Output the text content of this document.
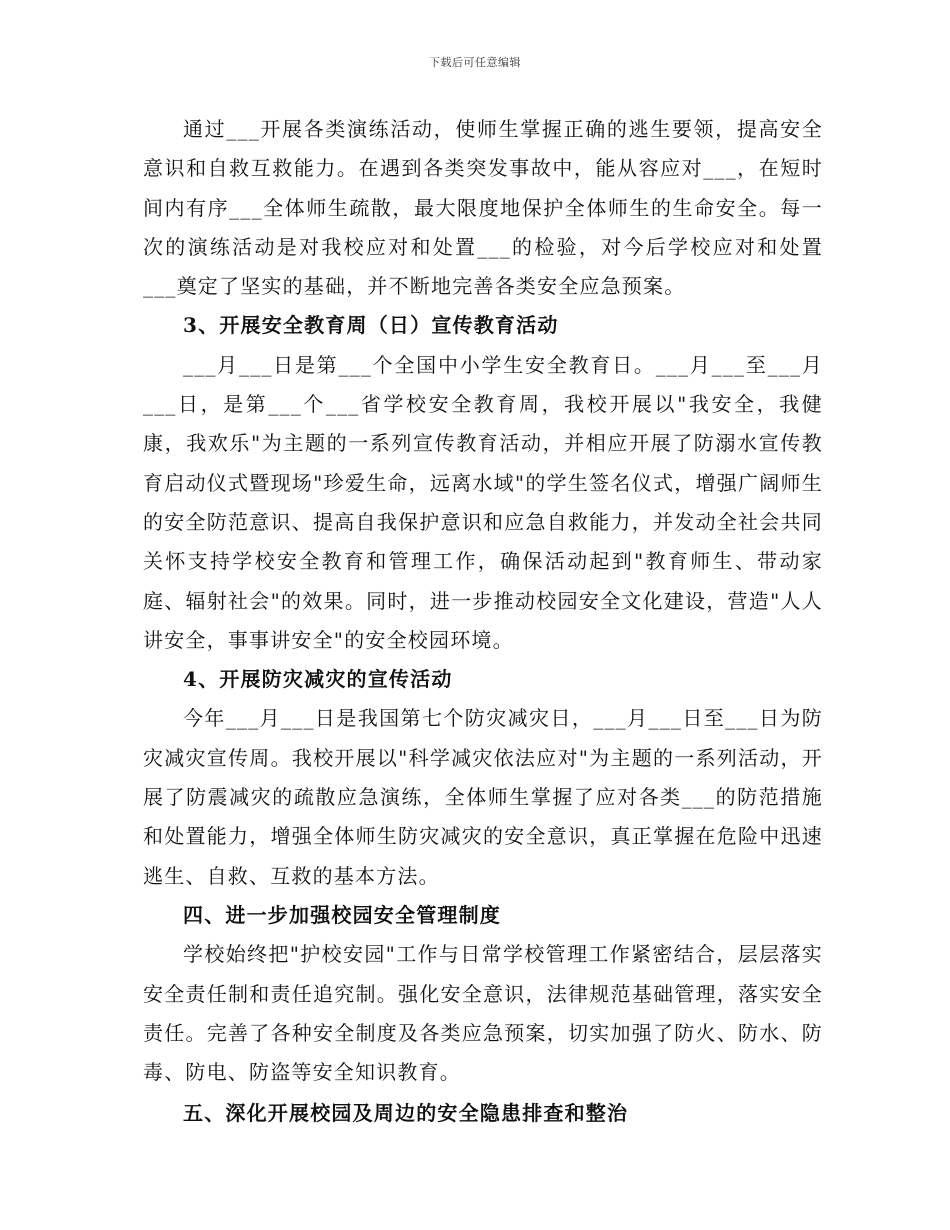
下载后可任意编辑

通过___开展各类演练活动，使师生掌握正确的逃生要领，提高安全意识和自救互救能力。在遇到各类突发事故中，能从容应对___，在短时间内有序___全体师生疏散，最大限度地保护全体师生的生命安全。每一次的演练活动是对我校应对和处置___的检验，对今后学校应对和处置___奠定了坚实的基础，并不断地完善各类安全应急预案。

3、开展安全教育周（日）宣传教育活动

___月___日是第___个全国中小学生安全教育日。___月___至___月___日，是第___个___省学校安全教育周，我校开展以"我安全，我健康，我欢乐"为主题的一系列宣传教育活动，并相应开展了防溺水宣传教育启动仪式暨现场"珍爱生命，远离水域"的学生签名仪式，增强广阔师生的安全防范意识、提高自我保护意识和应急自救能力，并发动全社会共同关怀支持学校安全教育和管理工作，确保活动起到"教育师生、带动家庭、辐射社会"的效果。同时，进一步推动校园安全文化建设，营造"人人讲安全，事事讲安全"的安全校园环境。

4、开展防灾减灾的宣传活动

今年___月___日是我国第七个防灾减灾日，___月___日至___日为防灾减灾宣传周。我校开展以"科学减灾依法应对"为主题的一系列活动，开展了防震减灾的疏散应急演练，全体师生掌握了应对各类___的防范措施和处置能力，增强全体师生防灾减灾的安全意识，真正掌握在危险中迅速逃生、自救、互救的基本方法。

四、进一步加强校园安全管理制度

学校始终把"护校安园"工作与日常学校管理工作紧密结合，层层落实安全责任制和责任追究制。强化安全意识，法律规范基础管理，落实安全责任。完善了各种安全制度及各类应急预案，切实加强了防火、防水、防毒、防电、防盗等安全知识教育。

五、深化开展校园及周边的安全隐患排查和整治
